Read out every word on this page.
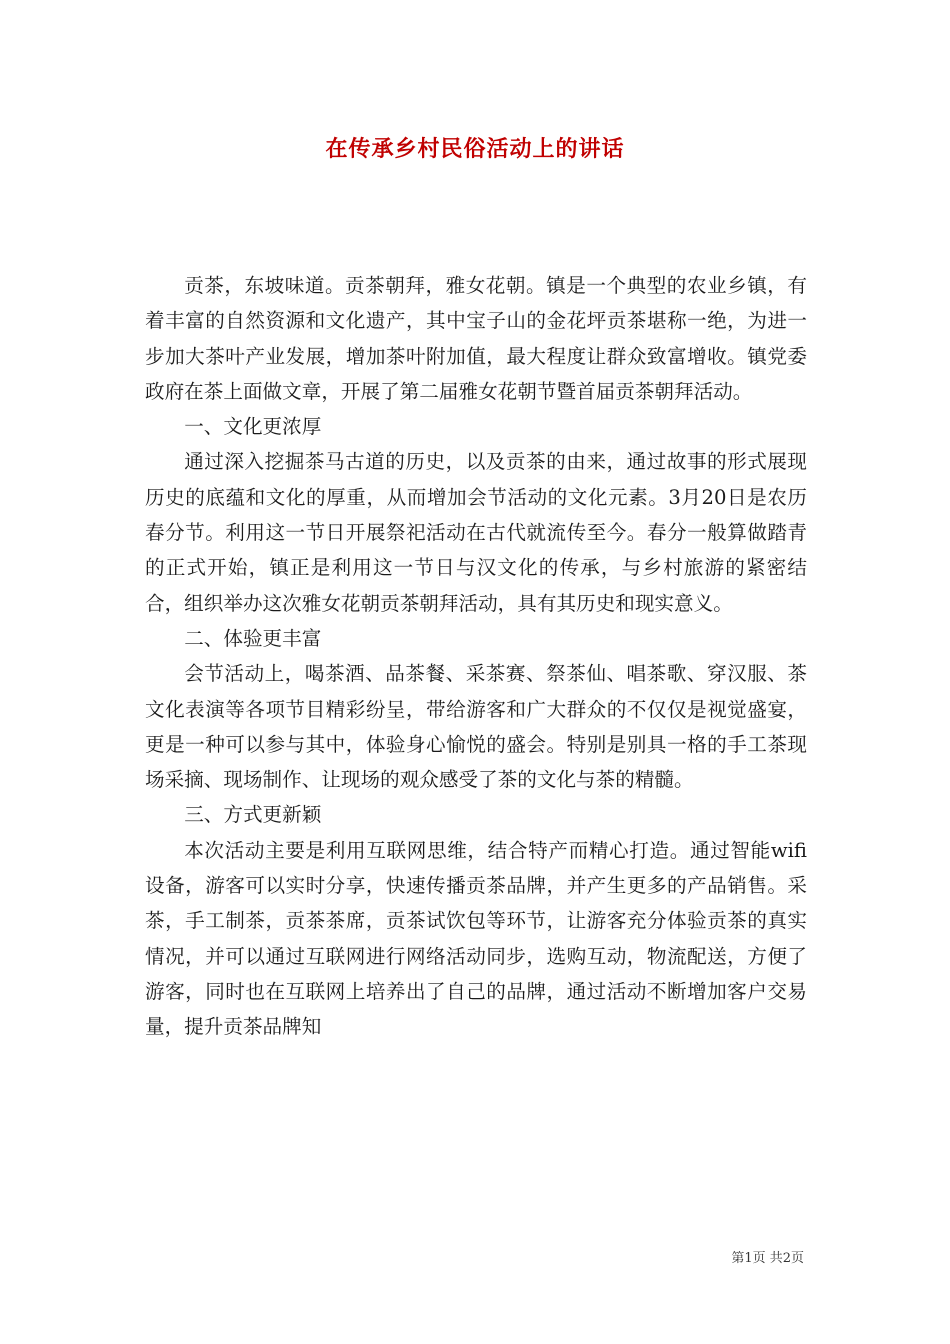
在传承乡村民俗活动上的讲话

贡茶，东坡味道。贡茶朝拜，雅女花朝。镇是一个典型的农业乡镇，有着丰富的自然资源和文化遗产，其中宝子山的金花坪贡茶堪称一绝，为进一步加大茶叶产业发展，增加茶叶附加值，最大程度让群众致富增收。镇党委政府在茶上面做文章，开展了第二届雅女花朝节暨首届贡茶朝拜活动。

一、文化更浓厚

通过深入挖掘茶马古道的历史，以及贡茶的由来，通过故事的形式展现历史的底蕴和文化的厚重，从而增加会节活动的文化元素。3月20日是农历春分节。利用这一节日开展祭祀活动在古代就流传至今。春分一般算做踏青的正式开始，镇正是利用这一节日与汉文化的传承，与乡村旅游的紧密结合，组织举办这次雅女花朝贡茶朝拜活动，具有其历史和现实意义。

二、体验更丰富

会节活动上，喝茶酒、品茶餐、采茶赛、祭茶仙、唱茶歌、穿汉服、茶文化表演等各项节目精彩纷呈，带给游客和广大群众的不仅仅是视觉盛宴，更是一种可以参与其中，体验身心愉悦的盛会。特别是别具一格的手工茶现场采摘、现场制作、让现场的观众感受了茶的文化与茶的精髓。

三、方式更新颖

本次活动主要是利用互联网思维，结合特产而精心打造。通过智能wifi设备，游客可以实时分享，快速传播贡茶品牌，并产生更多的产品销售。采茶，手工制茶，贡茶茶席，贡茶试饮包等环节，让游客充分体验贡茶的真实情况，并可以通过互联网进行网络活动同步，选购互动，物流配送，方便了游客，同时也在互联网上培养出了自己的品牌，通过活动不断增加客户交易量，提升贡茶品牌知

第1页 共2页
